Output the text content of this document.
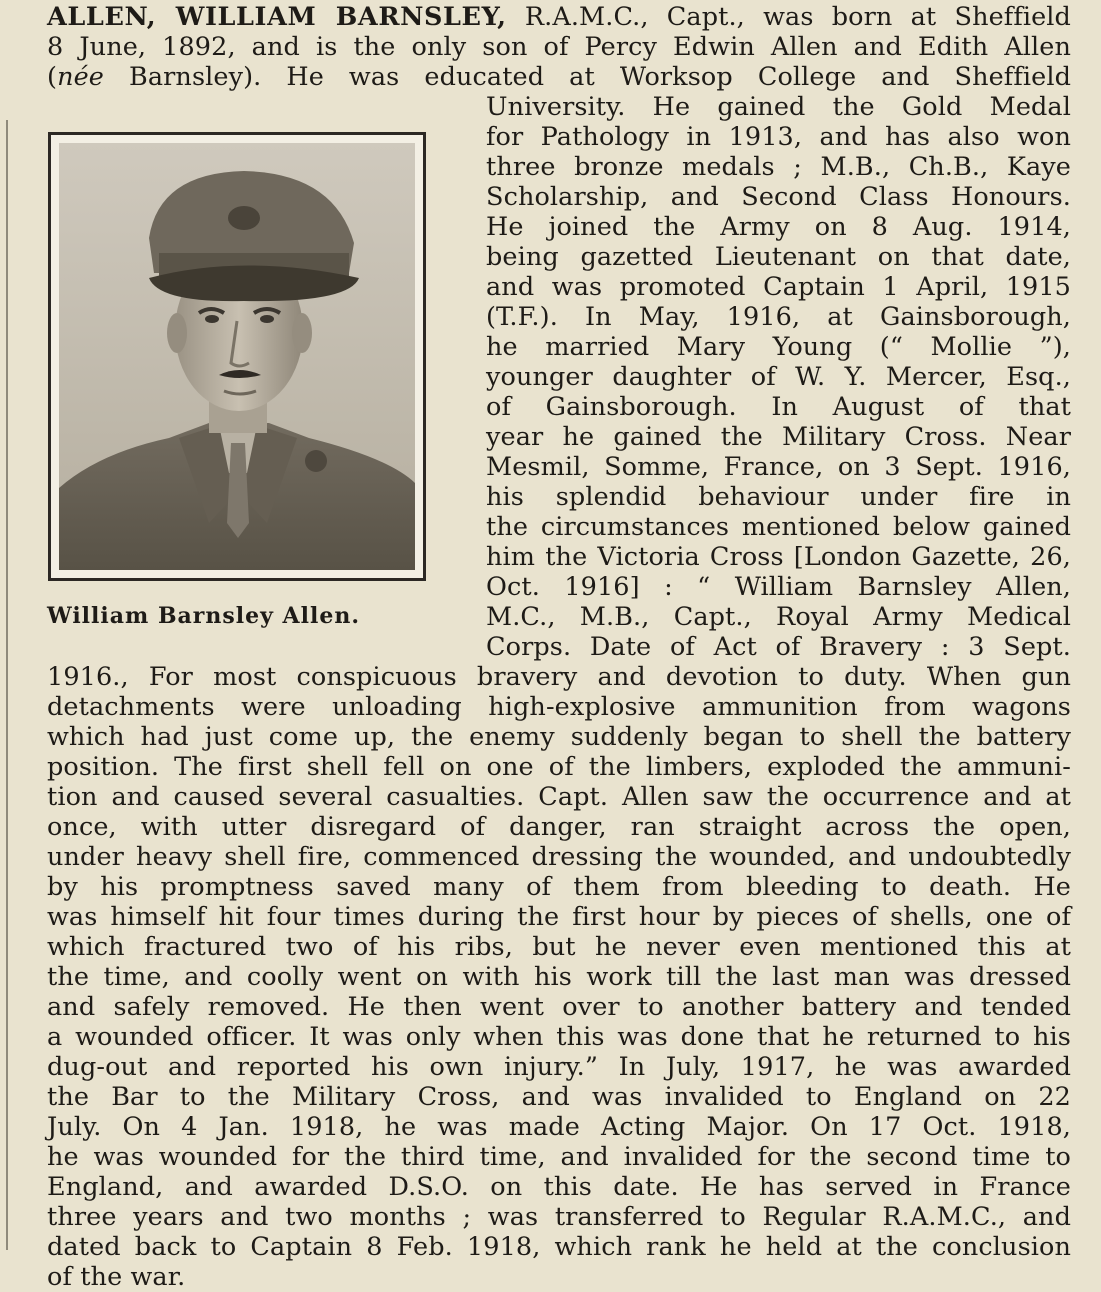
ALLEN, WILLIAM BARNSLEY, R.A.M.C., Capt., was born at Sheffield
8 June, 1892, and is the only son of Percy Edwin Allen and Edith Allen
(née Barnsley). He was educated at Worksop College and Sheffield
William Barnsley Allen.
University. He gained the Gold Medal
for Pathology in 1913, and has also won
three bronze medals ; M.B., Ch.B., Kaye
Scholarship, and Second Class Honours.
He joined the Army on 8 Aug. 1914,
being gazetted Lieutenant on that date,
and was promoted Captain 1 April, 1915
(T.F.). In May, 1916, at Gainsborough,
he married Mary Young (“ Mollie ”),
younger daughter of W. Y. Mercer, Esq.,
of Gainsborough. In August of that
year he gained the Military Cross. Near
Mesmil, Somme, France, on 3 Sept. 1916,
his splendid behaviour under fire in
the circumstances mentioned below gained
him the Victoria Cross [London Gazette, 26,
Oct. 1916] : “ William Barnsley Allen,
M.C., M.B., Capt., Royal Army Medical
Corps. Date of Act of Bravery : 3 Sept.
1916., For most conspicuous bravery and devotion to duty. When gun
detachments were unloading high-explosive ammunition from wagons
which had just come up, the enemy suddenly began to shell the battery
position. The first shell fell on one of the limbers, exploded the ammuni-
tion and caused several casualties. Capt. Allen saw the occurrence and at
once, with utter disregard of danger, ran straight across the open,
under heavy shell fire, commenced dressing the wounded, and undoubtedly
by his promptness saved many of them from bleeding to death. He
was himself hit four times during the first hour by pieces of shells, one of
which fractured two of his ribs, but he never even mentioned this at
the time, and coolly went on with his work till the last man was dressed
and safely removed. He then went over to another battery and tended
a wounded officer. It was only when this was done that he returned to his
dug-out and reported his own injury.” In July, 1917, he was awarded
the Bar to the Military Cross, and was invalided to England on 22
July. On 4 Jan. 1918, he was made Acting Major. On 17 Oct. 1918,
he was wounded for the third time, and invalided for the second time to
England, and awarded D.S.O. on this date. He has served in France
three years and two months ; was transferred to Regular R.A.M.C., and
dated back to Captain 8 Feb. 1918, which rank he held at the conclusion
of the war.
